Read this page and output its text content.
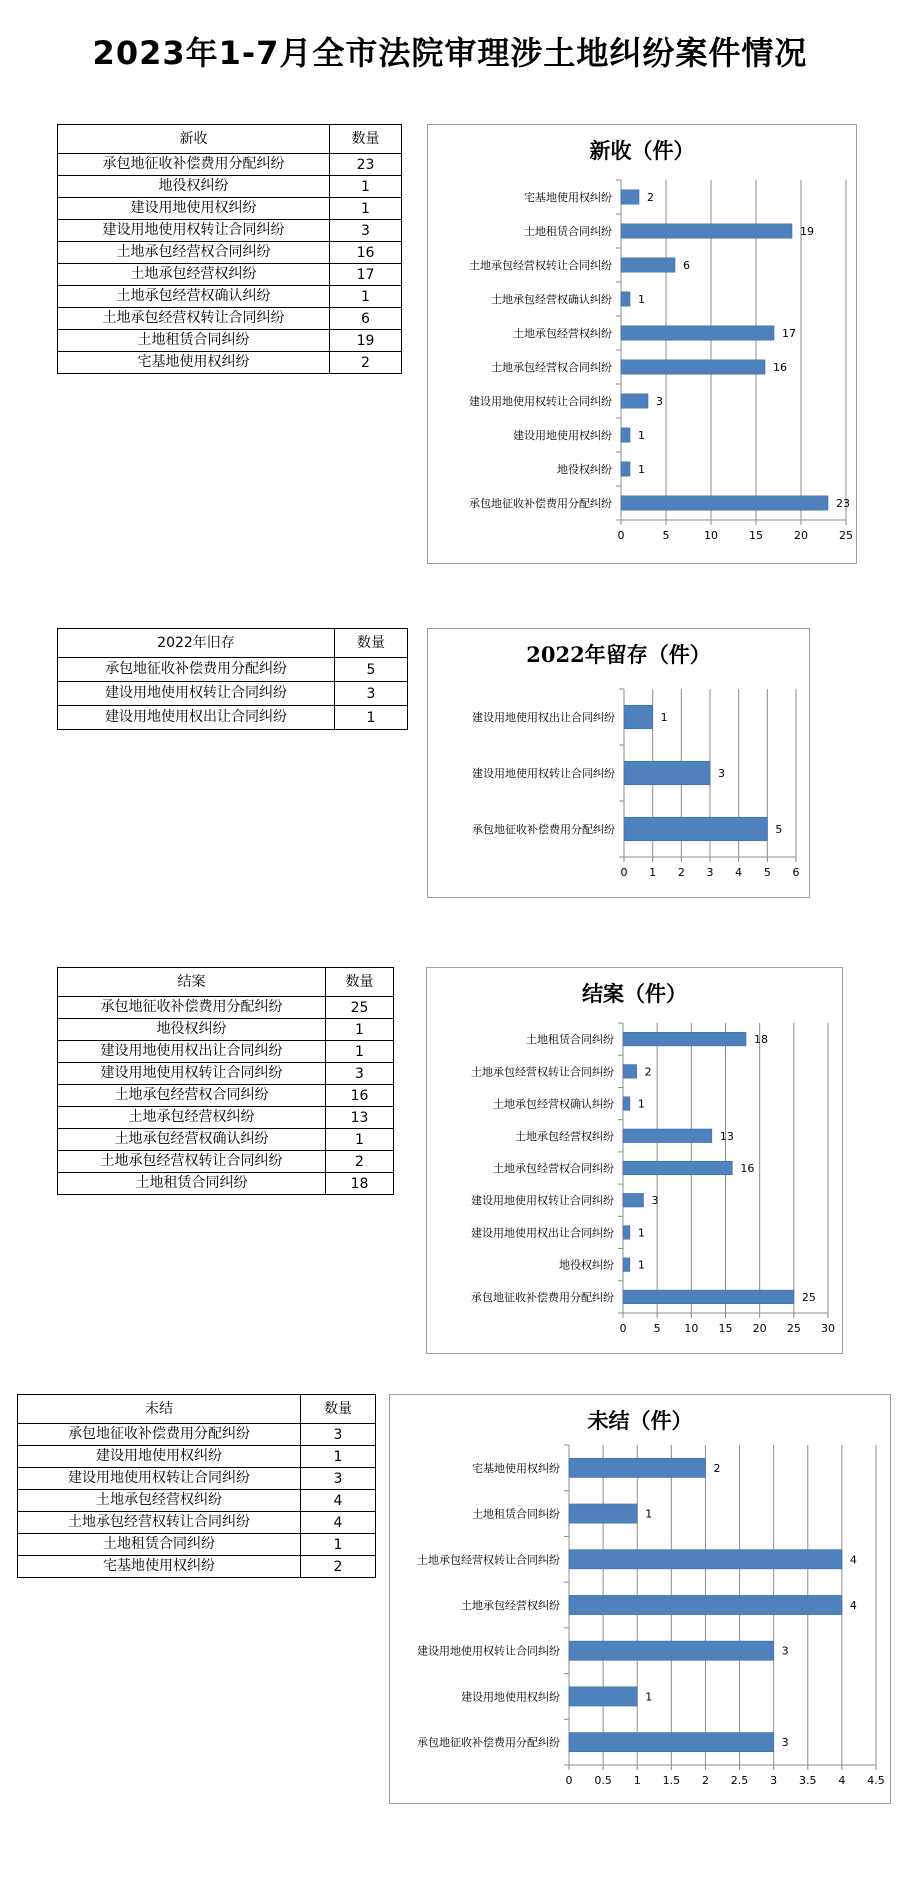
2023年1-7月全市法院审理涉土地纠纷案件情况
新收	数量
承包地征收补偿费用分配纠纷	23
地役权纠纷	1
建设用地使用权纠纷	1
建设用地使用权转让合同纠纷	3
土地承包经营权合同纠纷	16
土地承包经营权纠纷	17
土地承包经营权确认纠纷	1
土地承包经营权转让合同纠纷	6
土地租赁合同纠纷	19
宅基地使用权纠纷	2
新收（件）
0	5	10	15	20	25
23
承包地征收补偿费用分配纠纷
1
地役权纠纷
1
建设用地使用权纠纷
3
建设用地使用权转让合同纠纷
16
土地承包经营权合同纠纷
17
土地承包经营权纠纷
1
土地承包经营权确认纠纷
6
土地承包经营权转让合同纠纷
19
土地租赁合同纠纷
2
宅基地使用权纠纷
2022年旧存	数量
承包地征收补偿费用分配纠纷	5
建设用地使用权转让合同纠纷	3
建设用地使用权出让合同纠纷	1
2022年留存（件）
0 1 2 3 4 5 6
5
承包地征收补偿费用分配纠纷
3
建设用地使用权转让合同纠纷
1
建设用地使用权出让合同纠纷
结案	数量
承包地征收补偿费用分配纠纷	25
地役权纠纷	1
建设用地使用权出让合同纠纷	1
建设用地使用权转让合同纠纷	3
土地承包经营权合同纠纷	16
土地承包经营权纠纷	13
土地承包经营权确认纠纷	1
土地承包经营权转让合同纠纷	2
土地租赁合同纠纷	18
结案（件）
0 5 10 15 20 25 30
25
承包地征收补偿费用分配纠纷
1
地役权纠纷
1
建设用地使用权出让合同纠纷
3
建设用地使用权转让合同纠纷
16
土地承包经营权合同纠纷
13
土地承包经营权纠纷
1
土地承包经营权确认纠纷
2
土地承包经营权转让合同纠纷
18
土地租赁合同纠纷
未结	数量
承包地征收补偿费用分配纠纷	3
建设用地使用权纠纷	1
建设用地使用权转让合同纠纷	3
土地承包经营权纠纷	4
土地承包经营权转让合同纠纷	4
土地租赁合同纠纷	1
宅基地使用权纠纷	2
未结（件）
0 0.5 1 1.5 2 2.5 3 3.5 4 4.5
3
承包地征收补偿费用分配纠纷
1
建设用地使用权纠纷
3
建设用地使用权转让合同纠纷
4
土地承包经营权纠纷
4
土地承包经营权转让合同纠纷
1
土地租赁合同纠纷
2
宅基地使用权纠纷
